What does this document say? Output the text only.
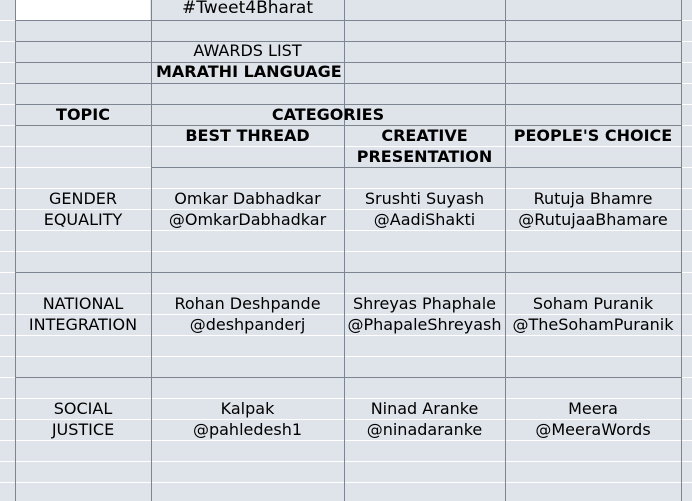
#Tweet4Bharat
AWARDS LIST
MARATHI LANGUAGE
TOPIC	CATEGORIES
BEST THREAD	CREATIVE
PRESENTATION
PEOPLE'S CHOICE
GENDER
EQUALITY
Omkar Dabhadkar
@OmkarDabhadkar
Srushti Suyash
@AadiShakti
Rutuja Bhamre
@RutujaaBhamare
NATIONAL
INTEGRATION
Rohan Deshpande
@deshpanderj
Shreyas Phaphale
@PhapaleShreyash
Soham Puranik
@TheSohamPuranik
SOCIAL
JUSTICE
Kalpak
@pahledesh1
Ninad Aranke
@ninadaranke
Meera
@MeeraWords
